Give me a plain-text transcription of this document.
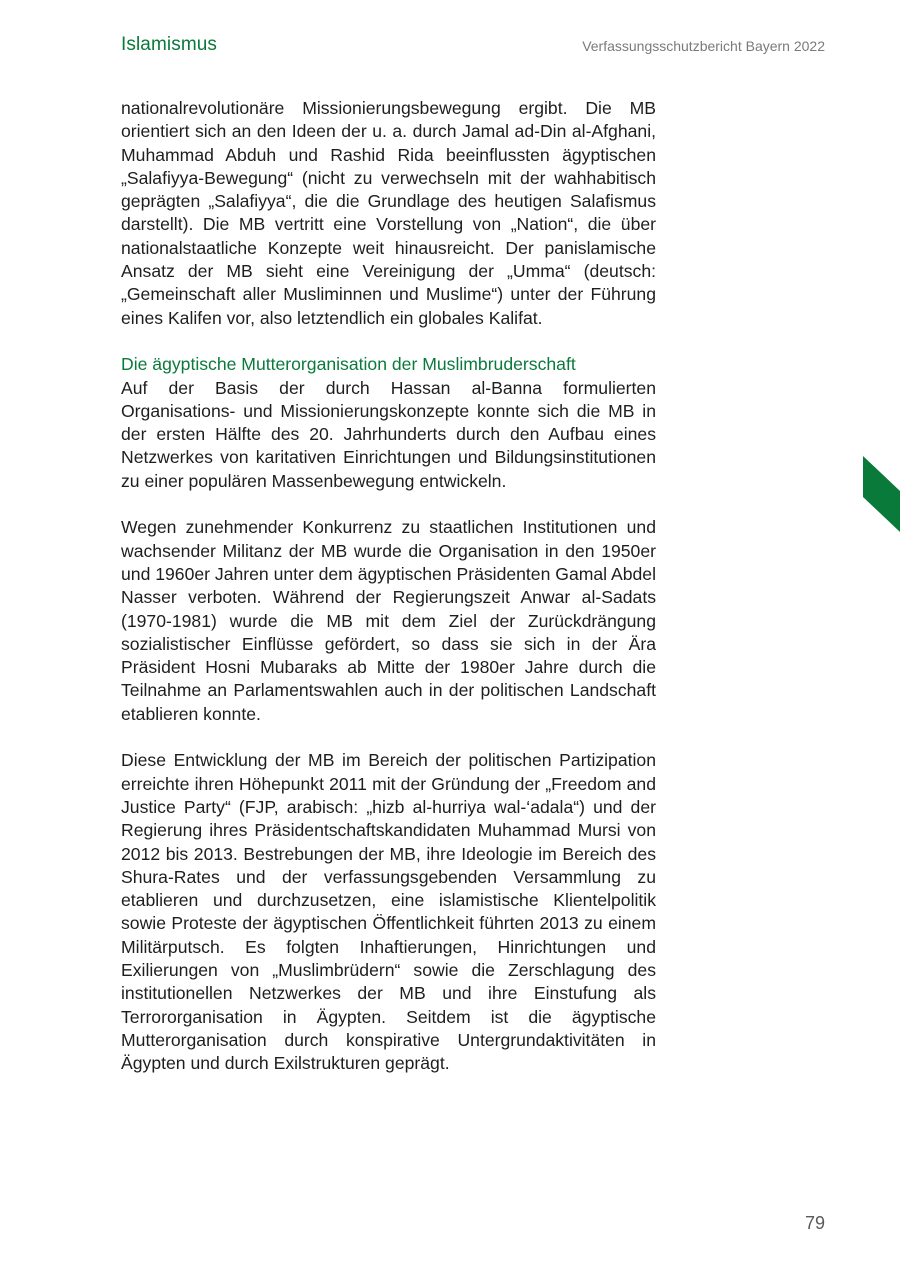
Islamismus	Verfassungsschutzbericht Bayern 2022

nationalrevolutionäre Missionierungsbewegung ergibt. Die MB orientiert sich an den Ideen der u. a. durch Jamal ad-Din al-Afghani, Muhammad Abduh und Rashid Rida beeinflussten ägyptischen „Salafiyya-Bewegung“ (nicht zu verwechseln mit der wahhabitisch geprägten „Salafiyya“, die die Grundlage des heutigen Salafismus darstellt). Die MB vertritt eine Vorstellung von „Nation“, die über nationalstaatliche Konzepte weit hinausreicht. Der panislamische Ansatz der MB sieht eine Vereinigung der „Umma“ (deutsch: „Gemeinschaft aller Musliminnen und Muslime“) unter der Führung eines Kalifen vor, also letztendlich ein globales Kalifat.

Die ägyptische Mutterorganisation der Muslimbruderschaft

Auf der Basis der durch Hassan al-Banna formulierten Organisations- und Missionierungskonzepte konnte sich die MB in der ersten Hälfte des 20. Jahrhunderts durch den Aufbau eines Netzwerkes von karitativen Einrichtungen und Bildungsinstitutionen zu einer populären Massenbewegung entwickeln.

Wegen zunehmender Konkurrenz zu staatlichen Institutionen und wachsender Militanz der MB wurde die Organisation in den 1950er und 1960er Jahren unter dem ägyptischen Präsidenten Gamal Abdel Nasser verboten. Während der Regierungszeit Anwar al-Sadats (1970-1981) wurde die MB mit dem Ziel der Zurückdrängung sozialistischer Einflüsse gefördert, so dass sie sich in der Ära Präsident Hosni Mubaraks ab Mitte der 1980er Jahre durch die Teilnahme an Parlamentswahlen auch in der politischen Landschaft etablieren konnte.

Diese Entwicklung der MB im Bereich der politischen Partizipation erreichte ihren Höhepunkt 2011 mit der Gründung der „Freedom and Justice Party“ (FJP, arabisch: „hizb al-hurriya wal-‘adala“) und der Regierung ihres Präsidentschaftskandidaten Muhammad Mursi von 2012 bis 2013. Bestrebungen der MB, ihre Ideologie im Bereich des Shura-Rates und der verfassungsgebenden Versammlung zu etablieren und durchzusetzen, eine islamistische Klientelpolitik sowie Proteste der ägyptischen Öffentlichkeit führten 2013 zu einem Militärputsch. Es folgten Inhaftierungen, Hinrichtungen und Exilierungen von „Muslimbrüdern“ sowie die Zerschlagung des institutionellen Netzwerkes der MB und ihre Einstufung als Terrororganisation in Ägypten. Seitdem ist die ägyptische Mutterorganisation durch konspirative Untergrundaktivitäten in Ägypten und durch Exilstrukturen geprägt.

79
